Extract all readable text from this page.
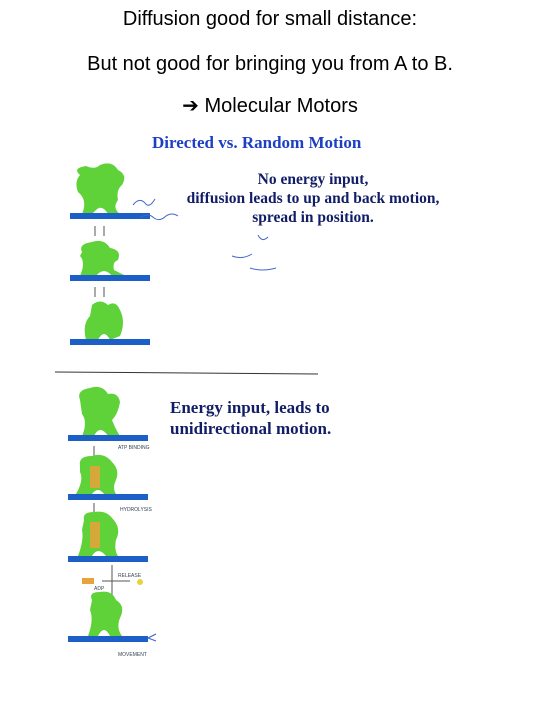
Diffusion good for small distance:
But not good for bringing you from A to B.
➔ Molecular Motors
Directed vs. Random Motion
No energy input,
diffusion leads to up and back motion,
spread in position.
Energy input, leads to
unidirectional motion.
ATP BINDING
HYDROLYSIS
RELEASE
ADP
MOVEMENT
